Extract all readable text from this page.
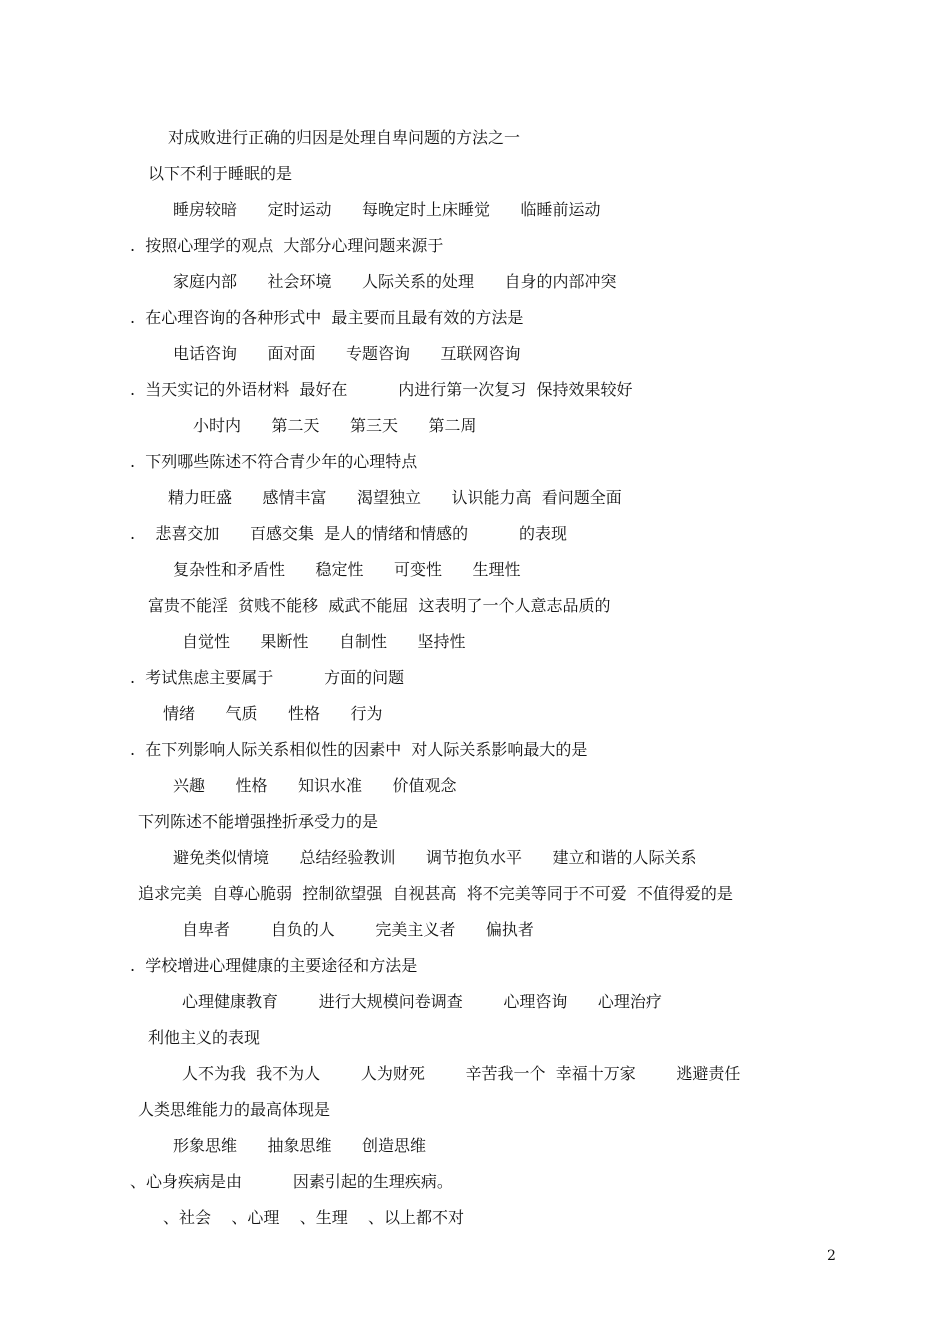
对成败进行正确的归因是处理自卑问题的方法之一
以下不利于睡眠的是
睡房较暗      定时运动      每晚定时上床睡觉      临睡前运动
.  按照心理学的观点  大部分心理问题来源于
家庭内部      社会环境      人际关系的处理      自身的内部冲突
.  在心理咨询的各种形式中  最主要而且最有效的方法是
电话咨询      面对面      专题咨询      互联网咨询
.  当天实记的外语材料  最好在          内进行第一次复习  保持效果较好
小时内      第二天      第三天      第二周
.  下列哪些陈述不符合青少年的心理特点
精力旺盛      感情丰富      渴望独立      认识能力高  看问题全面
.    悲喜交加      百感交集  是人的情绪和情感的          的表现
复杂性和矛盾性      稳定性      可变性      生理性
富贵不能淫  贫贱不能移  威武不能屈  这表明了一个人意志品质的
自觉性      果断性      自制性      坚持性
.  考试焦虑主要属于          方面的问题
情绪      气质      性格      行为
.  在下列影响人际关系相似性的因素中  对人际关系影响最大的是
兴趣      性格      知识水准      价值观念
下列陈述不能增强挫折承受力的是
避免类似情境      总结经验教训      调节抱负水平      建立和谐的人际关系
追求完美  自尊心脆弱  控制欲望强  自视甚高  将不完美等同于不可爱  不值得爱的是
自卑者        自负的人        完美主义者      偏执者
.  学校增进心理健康的主要途径和方法是
心理健康教育        进行大规模问卷调查        心理咨询      心理治疗
利他主义的表现
人不为我  我不为人        人为财死        辛苦我一个  幸福十万家        逃避责任
人类思维能力的最高体现是
形象思维      抽象思维      创造思维
、心身疾病是由          因素引起的生理疾病。
、社会    、心理    、生理    、以上都不对
2
